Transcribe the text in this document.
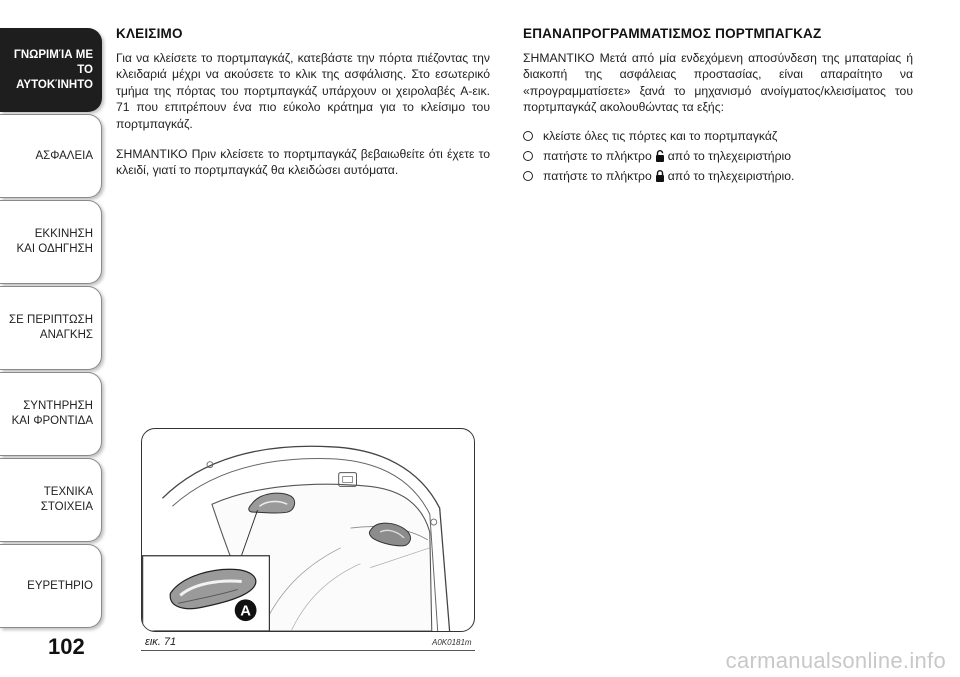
ΓΝΩΡΙΜΊΑ ΜΕ ΤΟ
ΑΥΤΟΚΊΝΗΤΟ
ΑΣΦΑΛΕΙΑ
ΕΚΚΙΝΗΣΗ
ΚΑΙ ΟΔΗΓΗΣΗ
ΣΕ ΠΕΡΙΠΤΩΣΗ
ΑΝΑΓΚΗΣ
ΣΥΝΤΗΡΗΣΗ
ΚΑΙ ΦΡΟΝΤΙΔΑ
ΤΕΧΝΙΚΑ
ΣΤΟΙΧΕΙΑ
ΕΥΡΕΤΗΡΙΟ
102
ΚΛΕΙΣΙΜΟ

Για να κλείσετε το πορτμπαγκάζ, κατεβάστε την πόρτα πιέζοντας την κλειδαριά μέχρι να ακούσετε το κλικ της ασφάλισης. Στο εσωτερικό τμήμα της πόρτας του πορτμπαγκάζ υπάρχουν οι χειρολαβές A-εικ. 71 που επιτρέπουν ένα πιο εύκολο κράτημα για το κλείσιμο του πορτμπαγκάζ.

ΣΗΜΑΝΤΙΚΟ Πριν κλείσετε το πορτμπαγκάζ βεβαιωθείτε ότι έχετε το κλειδί, γιατί το πορτμπαγκάζ θα κλειδώσει αυτόματα.

ΕΠΑΝΑΠΡΟΓΡΑΜΜΑΤΙΣΜΟΣ ΠΟΡΤΜΠΑΓΚΑΖ

ΣΗΜΑΝΤΙΚΟ Μετά από μία ενδεχόμενη αποσύνδεση της μπαταρίας ή διακοπή της ασφάλειας προστασίας, είναι απαραίτητο να «προγραμματίσετε» ξανά το μηχανισμό ανοίγματος/κλεισίματος του πορτμπαγκάζ ακολουθώντας τα εξής:

κλείστε όλες τις πόρτες και το πορτμπαγκάζ
πατήστε το πλήκτρο από το τηλεχειριστήριο
πατήστε το πλήκτρο από το τηλεχειριστήριο.
A
εικ. 71	A0K0181m
carmanualsonline.info
